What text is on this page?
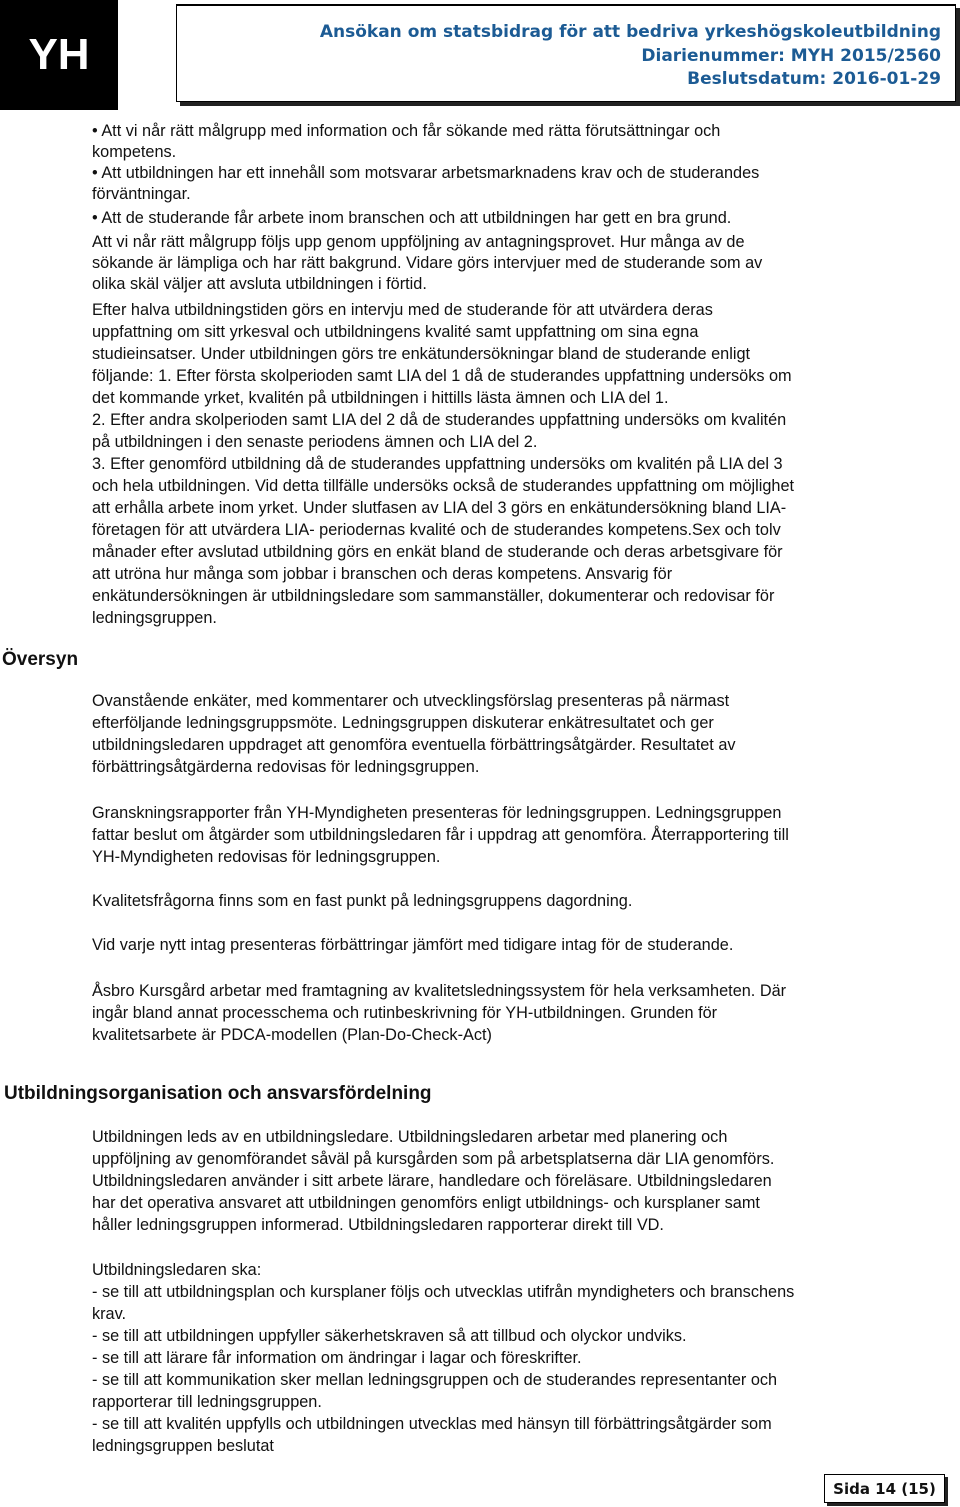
YH	Ansökan om statsbidrag för att bedriva yrkeshögskoleutbildning
Diarienummer: MYH 2015/2560
Beslutsdatum: 2016-01-29

• Att vi når rätt målgrupp med information och får sökande med rätta förutsättningar och

kompetens.

• Att utbildningen har ett innehåll som motsvarar arbetsmarknadens krav och de studerandes

förväntningar.

• Att de studerande får arbete inom branschen och att utbildningen har gett en bra grund.

Att vi når rätt målgrupp följs upp genom uppföljning av antagningsprovet. Hur många av de

sökande är lämpliga och har rätt bakgrund. Vidare görs intervjuer med de studerande som av

olika skäl väljer att avsluta utbildningen i förtid.

Efter halva utbildningstiden görs en intervju med de studerande för att utvärdera deras

uppfattning om sitt yrkesval och utbildningens kvalité samt uppfattning om sina egna

studieinsatser. Under utbildningen görs tre enkätundersökningar bland de studerande enligt

följande: 1. Efter första skolperioden samt LIA del 1 då de studerandes uppfattning undersöks om

det kommande yrket, kvalitén på utbildningen i hittills lästa ämnen och LIA del 1.

2. Efter andra skolperioden samt LIA del 2 då de studerandes uppfattning undersöks om kvalitén

på utbildningen i den senaste periodens ämnen och LIA del 2.

3. Efter genomförd utbildning då de studerandes uppfattning undersöks om kvalitén på LIA del 3

och hela utbildningen. Vid detta tillfälle undersöks också de studerandes uppfattning om möjlighet

att erhålla arbete inom yrket. Under slutfasen av LIA del 3 görs en enkätundersökning bland LIA-

företagen för att utvärdera LIA- periodernas kvalité och de studerandes kompetens.Sex och tolv

månader efter avslutad utbildning görs en enkät bland de studerande och deras arbetsgivare för

att utröna hur många som jobbar i branschen och deras kompetens. Ansvarig för

enkätundersökningen är utbildningsledare som sammanställer, dokumenterar och redovisar för

ledningsgruppen.

Översyn

Ovanstående enkäter, med kommentarer och utvecklingsförslag presenteras på närmast

efterföljande ledningsgruppsmöte. Ledningsgruppen diskuterar enkätresultatet och ger

utbildningsledaren uppdraget att genomföra eventuella förbättringsåtgärder. Resultatet av

förbättringsåtgärderna redovisas för ledningsgruppen.

Granskningsrapporter från YH-Myndigheten presenteras för ledningsgruppen. Ledningsgruppen

fattar beslut om åtgärder som utbildningsledaren får i uppdrag att genomföra. Återrapportering till

YH-Myndigheten redovisas för ledningsgruppen.

Kvalitetsfrågorna finns som en fast punkt på ledningsgruppens dagordning.

Vid varje nytt intag presenteras förbättringar jämfört med tidigare intag för de studerande.

Åsbro Kursgård arbetar med framtagning av kvalitetsledningssystem för hela verksamheten. Där

ingår bland annat processchema och rutinbeskrivning för YH-utbildningen. Grunden för

kvalitetsarbete är PDCA-modellen (Plan-Do-Check-Act)

Utbildningsorganisation och ansvarsfördelning

Utbildningen leds av en utbildningsledare. Utbildningsledaren arbetar med planering och

uppföljning av genomförandet såväl på kursgården som på arbetsplatserna där LIA genomförs.

Utbildningsledaren använder i sitt arbete lärare, handledare och föreläsare. Utbildningsledaren

har det operativa ansvaret att utbildningen genomförs enligt utbildnings- och kursplaner samt

håller ledningsgruppen informerad. Utbildningsledaren rapporterar direkt till VD.

Utbildningsledaren ska:

- se till att utbildningsplan och kursplaner följs och utvecklas utifrån myndigheters och branschens

krav.

- se till att utbildningen uppfyller säkerhetskraven så att tillbud och olyckor undviks.

- se till att lärare får information om ändringar i lagar och föreskrifter.

- se till att kommunikation sker mellan ledningsgruppen och de studerandes representanter och

rapporterar till ledningsgruppen.

- se till att kvalitén uppfylls och utbildningen utvecklas med hänsyn till förbättringsåtgärder som

ledningsgruppen beslutat

Sida 14 (15)
